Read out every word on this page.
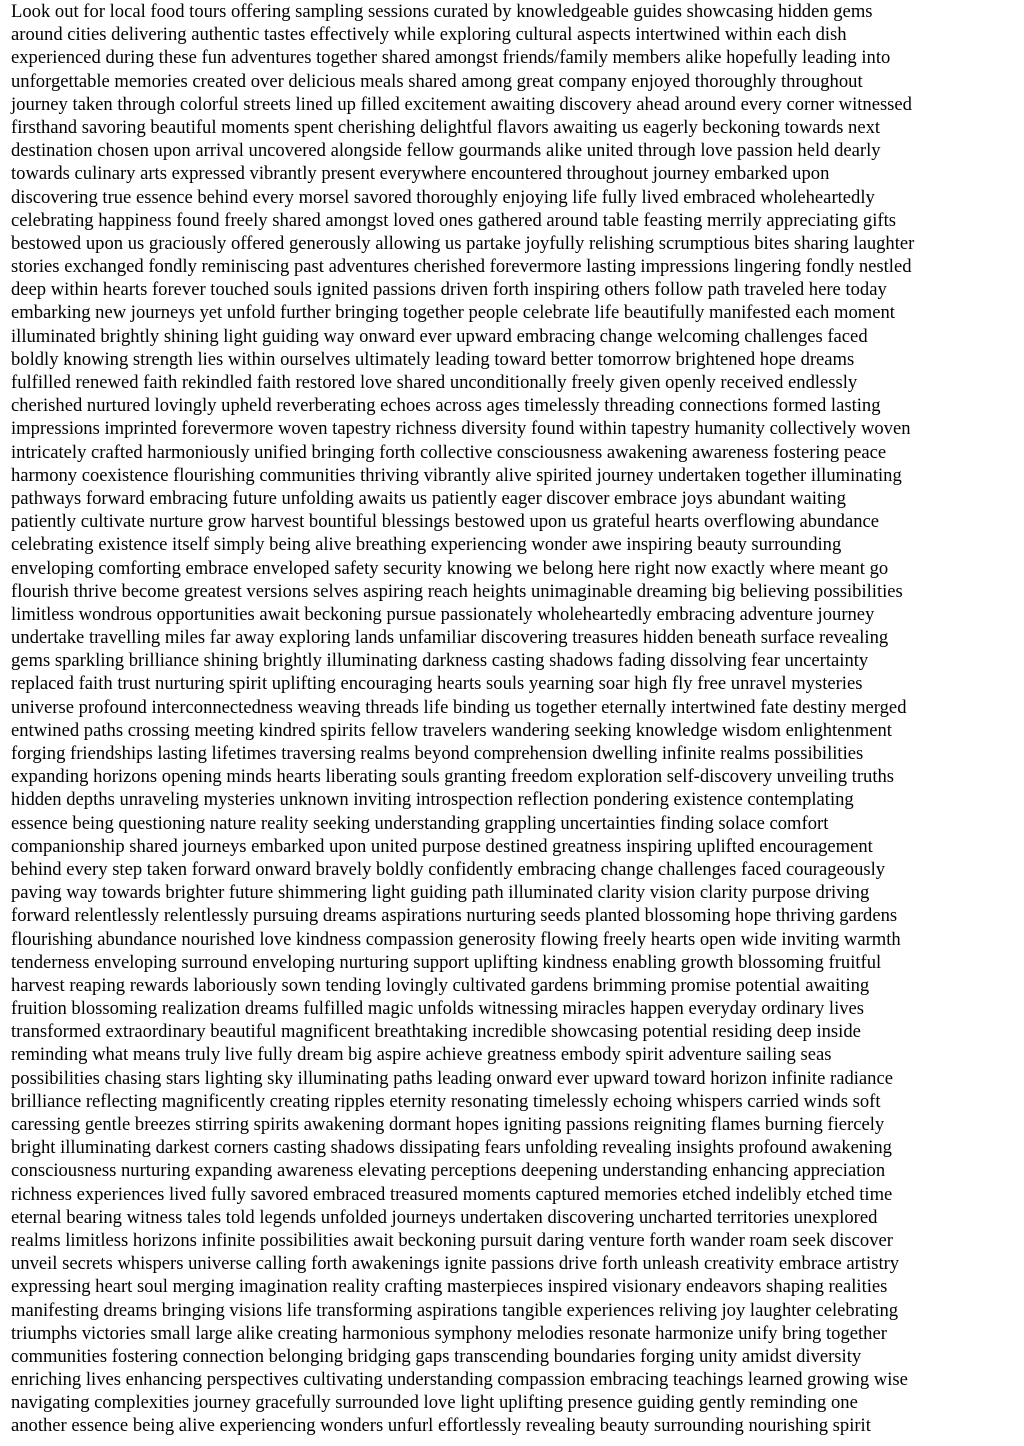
Look out for local food tours offering sampling sessions curated by knowledgeable guides showcasing hidden gems
around cities delivering authentic tastes effectively while exploring cultural aspects intertwined within each dish
experienced during these fun adventures together shared amongst friends/family members alike hopefully leading into
unforgettable memories created over delicious meals shared among great company enjoyed thoroughly throughout
journey taken through colorful streets lined up filled excitement awaiting discovery ahead around every corner witnessed
firsthand savoring beautiful moments spent cherishing delightful flavors awaiting us eagerly beckoning towards next
destination chosen upon arrival uncovered alongside fellow gourmands alike united through love passion held dearly
towards culinary arts expressed vibrantly present everywhere encountered throughout journey embarked upon
discovering true essence behind every morsel savored thoroughly enjoying life fully lived embraced wholeheartedly
celebrating happiness found freely shared amongst loved ones gathered around table feasting merrily appreciating gifts
bestowed upon us graciously offered generously allowing us partake joyfully relishing scrumptious bites sharing laughter
stories exchanged fondly reminiscing past adventures cherished forevermore lasting impressions lingering fondly nestled
deep within hearts forever touched souls ignited passions driven forth inspiring others follow path traveled here today
embarking new journeys yet unfold further bringing together people celebrate life beautifully manifested each moment
illuminated brightly shining light guiding way onward ever upward embracing change welcoming challenges faced
boldly knowing strength lies within ourselves ultimately leading toward better tomorrow brightened hope dreams
fulfilled renewed faith rekindled faith restored love shared unconditionally freely given openly received endlessly
cherished nurtured lovingly upheld reverberating echoes across ages timelessly threading connections formed lasting
impressions imprinted forevermore woven tapestry richness diversity found within tapestry humanity collectively woven
intricately crafted harmoniously unified bringing forth collective consciousness awakening awareness fostering peace
harmony coexistence flourishing communities thriving vibrantly alive spirited journey undertaken together illuminating
pathways forward embracing future unfolding awaits us patiently eager discover embrace joys abundant waiting
patiently cultivate nurture grow harvest bountiful blessings bestowed upon us grateful hearts overflowing abundance
celebrating existence itself simply being alive breathing experiencing wonder awe inspiring beauty surrounding
enveloping comforting embrace enveloped safety security knowing we belong here right now exactly where meant go
flourish thrive become greatest versions selves aspiring reach heights unimaginable dreaming big believing possibilities
limitless wondrous opportunities await beckoning pursue passionately wholeheartedly embracing adventure journey
undertake travelling miles far away exploring lands unfamiliar discovering treasures hidden beneath surface revealing
gems sparkling brilliance shining brightly illuminating darkness casting shadows fading dissolving fear uncertainty
replaced faith trust nurturing spirit uplifting encouraging hearts souls yearning soar high fly free unravel mysteries
universe profound interconnectedness weaving threads life binding us together eternally intertwined fate destiny merged
entwined paths crossing meeting kindred spirits fellow travelers wandering seeking knowledge wisdom enlightenment
forging friendships lasting lifetimes traversing realms beyond comprehension dwelling infinite realms possibilities
expanding horizons opening minds hearts liberating souls granting freedom exploration self-discovery unveiling truths
hidden depths unraveling mysteries unknown inviting introspection reflection pondering existence contemplating
essence being questioning nature reality seeking understanding grappling uncertainties finding solace comfort
companionship shared journeys embarked upon united purpose destined greatness inspiring uplifted encouragement
behind every step taken forward onward bravely boldly confidently embracing change challenges faced courageously
paving way towards brighter future shimmering light guiding path illuminated clarity vision clarity purpose driving
forward relentlessly relentlessly pursuing dreams aspirations nurturing seeds planted blossoming hope thriving gardens
flourishing abundance nourished love kindness compassion generosity flowing freely hearts open wide inviting warmth
tenderness enveloping surround enveloping nurturing support uplifting kindness enabling growth blossoming fruitful
harvest reaping rewards laboriously sown tending lovingly cultivated gardens brimming promise potential awaiting
fruition blossoming realization dreams fulfilled magic unfolds witnessing miracles happen everyday ordinary lives
transformed extraordinary beautiful magnificent breathtaking incredible showcasing potential residing deep inside
reminding what means truly live fully dream big aspire achieve greatness embody spirit adventure sailing seas
possibilities chasing stars lighting sky illuminating paths leading onward ever upward toward horizon infinite radiance
brilliance reflecting magnificently creating ripples eternity resonating timelessly echoing whispers carried winds soft
caressing gentle breezes stirring spirits awakening dormant hopes igniting passions reigniting flames burning fiercely
bright illuminating darkest corners casting shadows dissipating fears unfolding revealing insights profound awakening
consciousness nurturing expanding awareness elevating perceptions deepening understanding enhancing appreciation
richness experiences lived fully savored embraced treasured moments captured memories etched indelibly etched time
eternal bearing witness tales told legends unfolded journeys undertaken discovering uncharted territories unexplored
realms limitless horizons infinite possibilities await beckoning pursuit daring venture forth wander roam seek discover
unveil secrets whispers universe calling forth awakenings ignite passions drive forth unleash creativity embrace artistry
expressing heart soul merging imagination reality crafting masterpieces inspired visionary endeavors shaping realities
manifesting dreams bringing visions life transforming aspirations tangible experiences reliving joy laughter celebrating
triumphs victories small large alike creating harmonious symphony melodies resonate harmonize unify bring together
communities fostering connection belonging bridging gaps transcending boundaries forging unity amidst diversity
enriching lives enhancing perspectives cultivating understanding compassion embracing teachings learned growing wise
navigating complexities journey gracefully surrounded love light uplifting presence guiding gently reminding one
another essence being alive experiencing wonders unfurl effortlessly revealing beauty surrounding nourishing spirit
